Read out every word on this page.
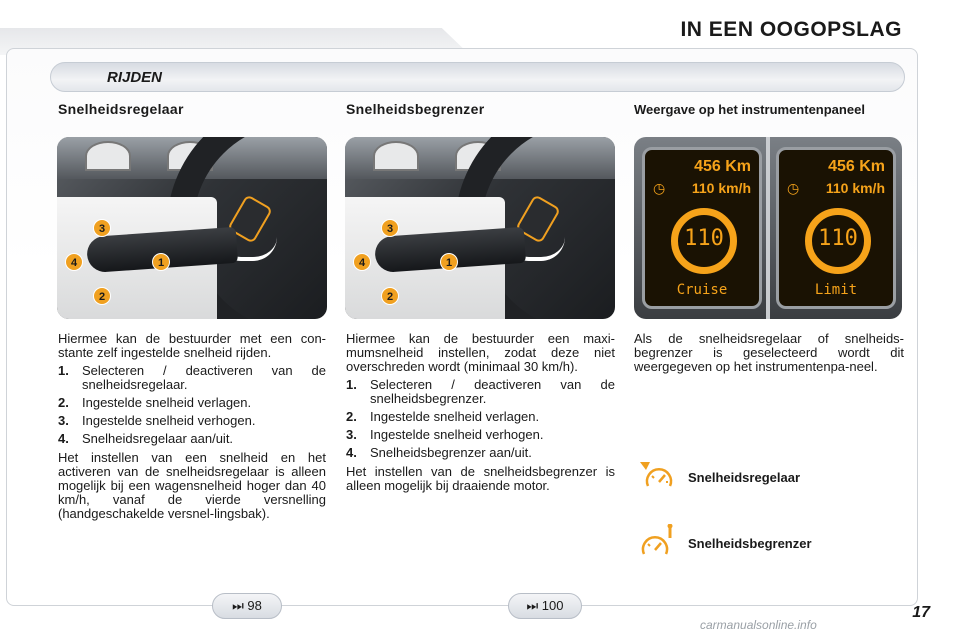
IN EEN OOGOPSLAG
RIJDEN
Snelheidsregelaar	Snelheidsbegrenzer	Weergave op het instrumentenpaneel
3
4	1
2
3
4	1
2
456 Km
◷ 110 km/h
110
Cruise
456 Km
◷ 110 km/h
110
Limit

Hiermee kan de bestuurder met een con-stante zelf ingestelde snelheid rijden.

1. Selecteren / deactiveren van de snelheidsregelaar.
2. Ingestelde snelheid verlagen.
3. Ingestelde snelheid verhogen.
4. Snelheidsregelaar aan/uit.

Het instellen van een snelheid en het activeren van de snelheidsregelaar is alleen mogelijk bij een wagensnelheid hoger dan 40 km/h, vanaf de vierde versnelling (handgeschakelde versnel-lingsbak).

Hiermee kan de bestuurder een maxi-mumsnelheid instellen, zodat deze niet overschreden wordt (minimaal 30 km/h).

1. Selecteren / deactiveren van de snelheidsbegrenzer.
2. Ingestelde snelheid verlagen.
3. Ingestelde snelheid verhogen.
4. Snelheidsbegrenzer aan/uit.

Het instellen van de snelheidsbegrenzer is alleen mogelijk bij draaiende motor.

Als de snelheidsregelaar of snelheids-begrenzer is geselecteerd wordt dit weergegeven op het instrumentenpa-neel.

Snelheidsregelaar
Snelheidsbegrenzer
⏭ 98	⏭ 100	17
carmanualsonline.info
